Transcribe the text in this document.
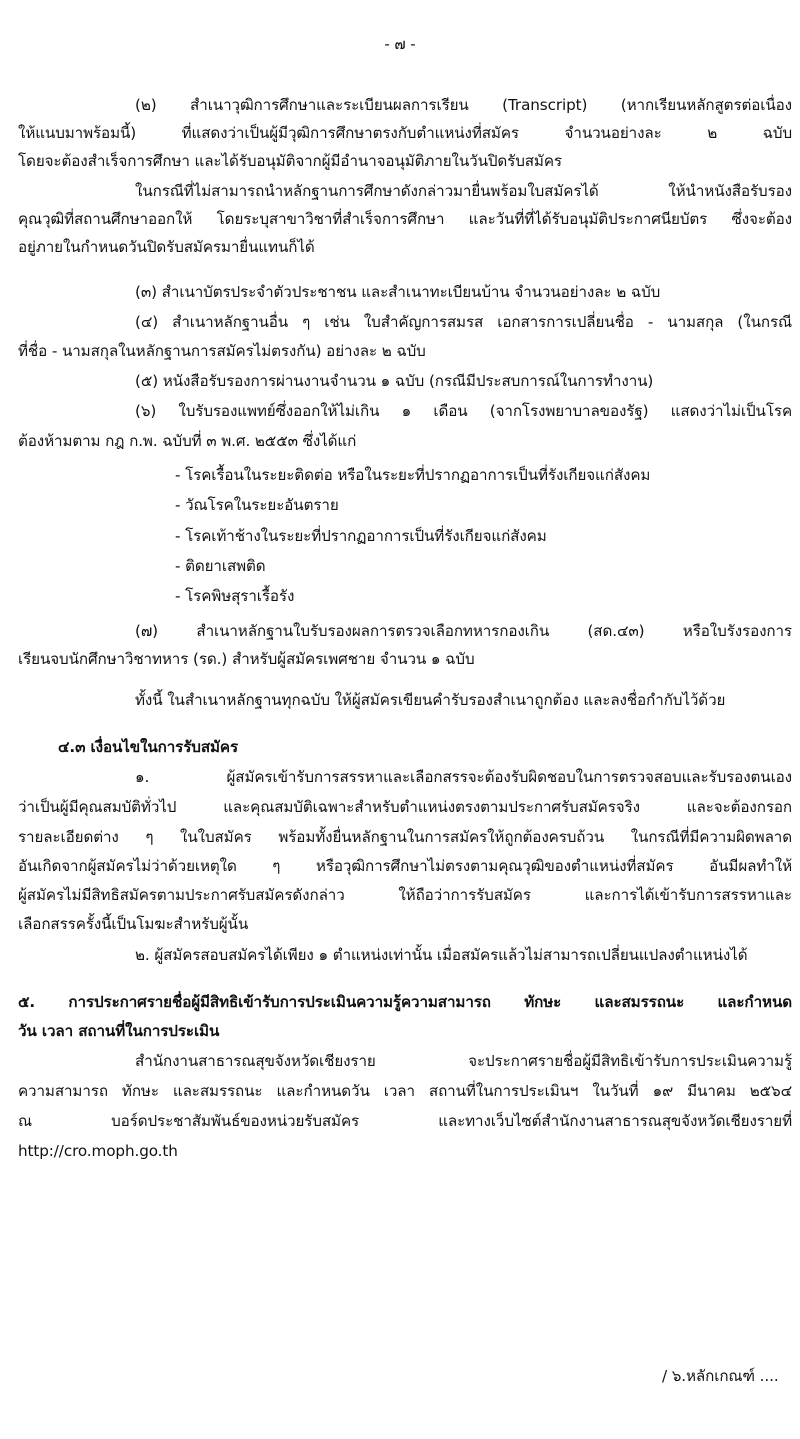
- ๗ -
(๒) สำเนาวุฒิการศึกษาและระเบียนผลการเรียน (Transcript) (หากเรียนหลักสูตรต่อเนื่อง
ให้แนบมาพร้อมนี้) ที่แสดงว่าเป็นผู้มีวุฒิการศึกษาตรงกับตำแหน่งที่สมัคร จำนวนอย่างละ ๒ ฉบับ
โดยจะต้องสำเร็จการศึกษา และได้รับอนุมัติจากผู้มีอำนาจอนุมัติภายในวันปิดรับสมัคร
ในกรณีที่ไม่สามารถนำหลักฐานการศึกษาดังกล่าวมายื่นพร้อมใบสมัครได้ ให้นำหนังสือรับรอง
คุณวุฒิที่สถานศึกษาออกให้ โดยระบุสาขาวิชาที่สำเร็จการศึกษา และวันที่ที่ได้รับอนุมัติประกาศนียบัตร ซึ่งจะต้อง
อยู่ภายในกำหนดวันปิดรับสมัครมายื่นแทนก็ได้
(๓) สำเนาบัตรประจำตัวประชาชน และสำเนาทะเบียนบ้าน จำนวนอย่างละ ๒ ฉบับ
(๔) สำเนาหลักฐานอื่น ๆ เช่น ใบสำคัญการสมรส เอกสารการเปลี่ยนชื่อ - นามสกุล (ในกรณี
ที่ชื่อ - นามสกุลในหลักฐานการสมัครไม่ตรงกัน) อย่างละ ๒ ฉบับ
(๕) หนังสือรับรองการผ่านงานจำนวน ๑ ฉบับ (กรณีมีประสบการณ์ในการทำงาน)
(๖) ใบรับรองแพทย์ซึ่งออกให้ไม่เกิน ๑ เดือน (จากโรงพยาบาลของรัฐ) แสดงว่าไม่เป็นโรค
ต้องห้ามตาม กฎ ก.พ. ฉบับที่ ๓ พ.ศ. ๒๕๕๓ ซึ่งได้แก่
- โรคเรื้อนในระยะติดต่อ หรือในระยะที่ปรากฏอาการเป็นที่รังเกียจแก่สังคม
- วัณโรคในระยะอันตราย
- โรคเท้าช้างในระยะที่ปรากฏอาการเป็นที่รังเกียจแก่สังคม
- ติดยาเสพติด
- โรคพิษสุราเรื้อรัง
(๗) สำเนาหลักฐานใบรับรองผลการตรวจเลือกทหารกองเกิน (สด.๔๓) หรือใบรังรองการ
เรียนจบนักศึกษาวิชาทหาร (รด.) สำหรับผู้สมัครเพศชาย จำนวน ๑ ฉบับ
ทั้งนี้ ในสำเนาหลักฐานทุกฉบับ ให้ผู้สมัครเขียนคำรับรองสำเนาถูกต้อง และลงชื่อกำกับไว้ด้วย
๔.๓ เงื่อนไขในการรับสมัคร
๑. ผู้สมัครเข้ารับการสรรหาและเลือกสรรจะต้องรับผิดชอบในการตรวจสอบและรับรองตนเอง
ว่าเป็นผู้มีคุณสมบัติทั่วไป และคุณสมบัติเฉพาะสำหรับตำแหน่งตรงตามประกาศรับสมัครจริง และจะต้องกรอก
รายละเอียดต่าง ๆ ในใบสมัคร พร้อมทั้งยื่นหลักฐานในการสมัครให้ถูกต้องครบถ้วน ในกรณีที่มีความผิดพลาด
อันเกิดจากผู้สมัครไม่ว่าด้วยเหตุใด ๆ หรือวุฒิการศึกษาไม่ตรงตามคุณวุฒิของตำแหน่งที่สมัคร อันมีผลทำให้
ผู้สมัครไม่มีสิทธิสมัครตามประกาศรับสมัครดังกล่าว ให้ถือว่าการรับสมัคร และการได้เข้ารับการสรรหาและ
เลือกสรรครั้งนี้เป็นโมฆะสำหรับผู้นั้น
๒. ผู้สมัครสอบสมัครได้เพียง ๑ ตำแหน่งเท่านั้น เมื่อสมัครแล้วไม่สามารถเปลี่ยนแปลงตำแหน่งได้
๕. การประกาศรายชื่อผู้มีสิทธิเข้ารับการประเมินความรู้ความสามารถ ทักษะ และสมรรถนะ และกำหนด
วัน เวลา สถานที่ในการประเมิน
สำนักงานสาธารณสุขจังหวัดเชียงราย จะประกาศรายชื่อผู้มีสิทธิเข้ารับการประเมินความรู้
ความสามารถ ทักษะ และสมรรถนะ และกำหนดวัน เวลา สถานที่ในการประเมินฯ ในวันที่ ๑๙ มีนาคม ๒๕๖๔
ณ บอร์ดประชาสัมพันธ์ของหน่วยรับสมัคร และทางเว็บไซต์สำนักงานสาธารณสุขจังหวัดเชียงรายที่
http://cro.moph.go.th
/ ๖.หลักเกณฑ์ ....
